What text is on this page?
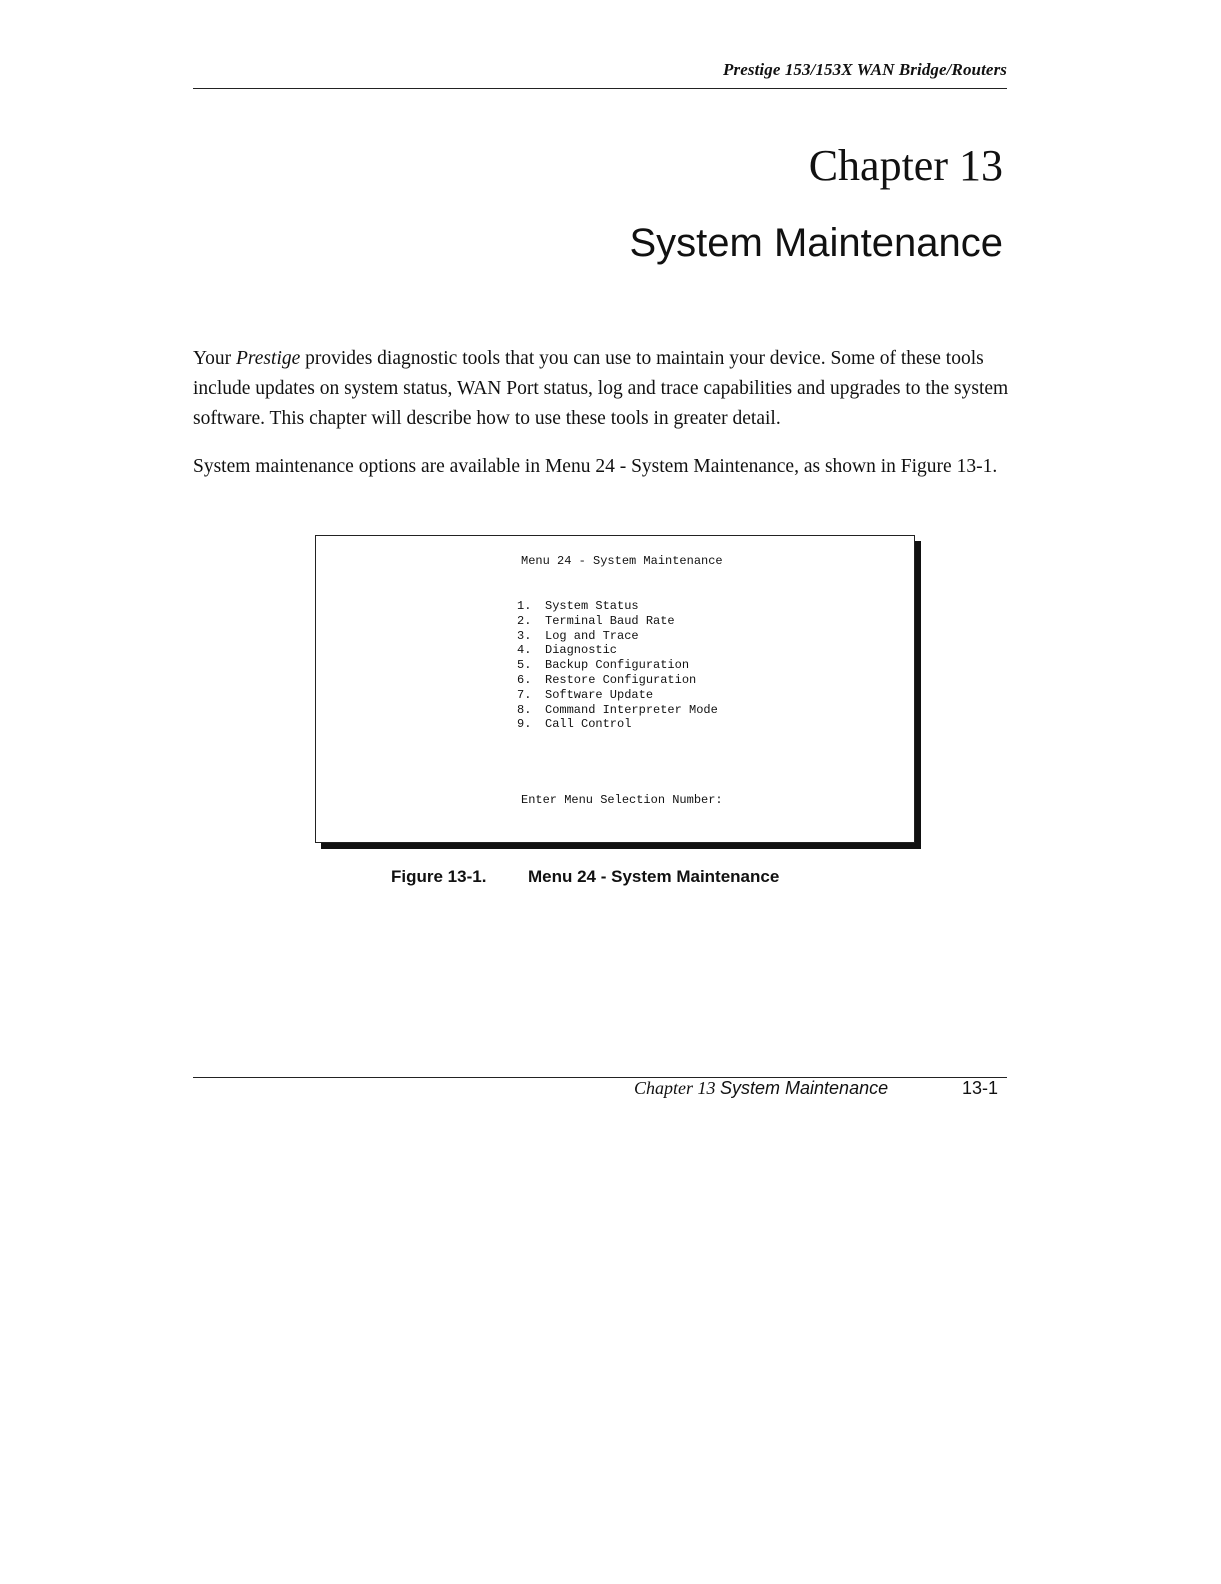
Prestige 153/153X WAN Bridge/Routers
Chapter 13
System Maintenance

Your Prestige provides diagnostic tools that you can use to maintain your device. Some of these tools include updates on system status, WAN Port status, log and trace capabilities and upgrades to the system software. This chapter will describe how to use these tools in greater detail.

System maintenance options are available in Menu 24 - System Maintenance, as shown in Figure 13-1.

Menu 24 - System Maintenance
1.	System Status
2.	Terminal Baud Rate
3.	Log and Trace
4.	Diagnostic
5.	Backup Configuration
6.	Restore Configuration
7.	Software Update
8.	Command Interpreter Mode
9.	Call Control
Enter Menu Selection Number:
Figure 13-1. Menu 24 - System Maintenance
Chapter 13 System Maintenance	13-1
